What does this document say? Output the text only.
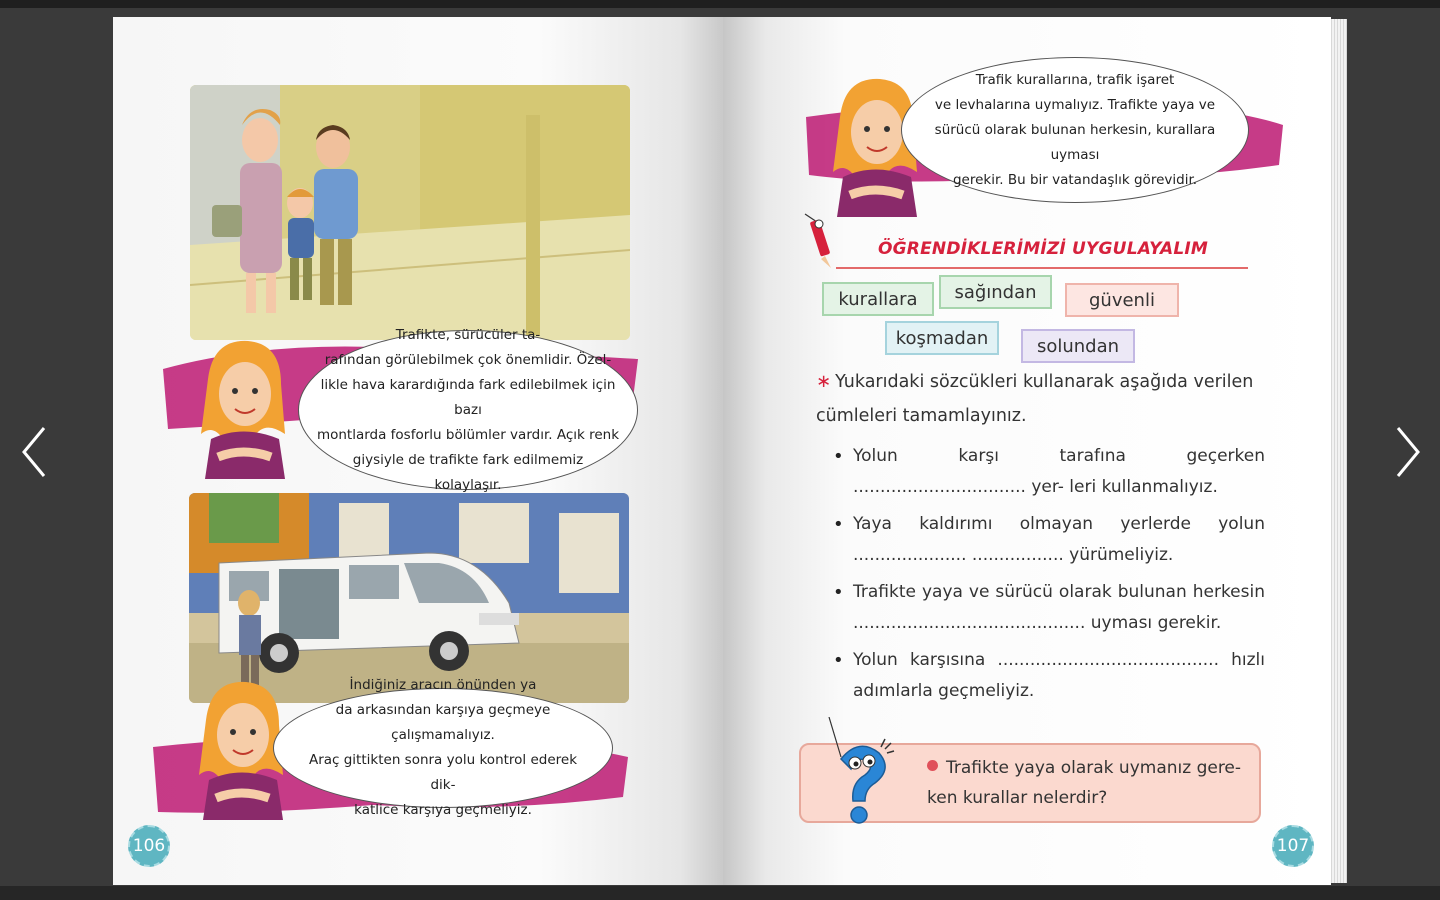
Trafikte, sürücüler ta-
rafından görülebilmek çok önemlidir. Özel-
likle hava karardığında fark edilebilmek için bazı
montlarda fosforlu bölümler vardır. Açık renk
giysiyle de trafikte fark edilmemiz
kolaylaşır.

İndiğiniz aracın önünden ya
da arkasından karşıya geçmeye çalışmamalıyız.
Araç gittikten sonra yolu kontrol ederek dik-
katlice karşıya geçmeliyiz.

106

Trafik kurallarına, trafik işaret
ve levhalarına uymalıyız. Trafikte yaya ve
sürücü olarak bulunan herkesin, kurallara uyması
gerekir. Bu bir vatandaşlık görevidir.

ÖĞRENDİKLERİMİZİ UYGULAYALIM
kurallara	sağından	güvenli
koşmadan	solundan
∗ Yukarıdaki sözcükleri kullanarak aşağıda verilen cümleleri tamamlayınız.
• Yolun karşı tarafına geçerken ................................ yer- leri kullanmalıyız.
• Yaya kaldırımı olmayan yerlerde yolun ..................... ................. yürümeliyiz.
• Trafikte yaya ve sürücü olarak bulunan herkesin ........................................... uyması gerekir.
• Yolun karşısına ......................................... hızlı adımlarla geçmeliyiz.
Trafikte yaya olarak uymanız gere- ken kurallar nelerdir?
107
